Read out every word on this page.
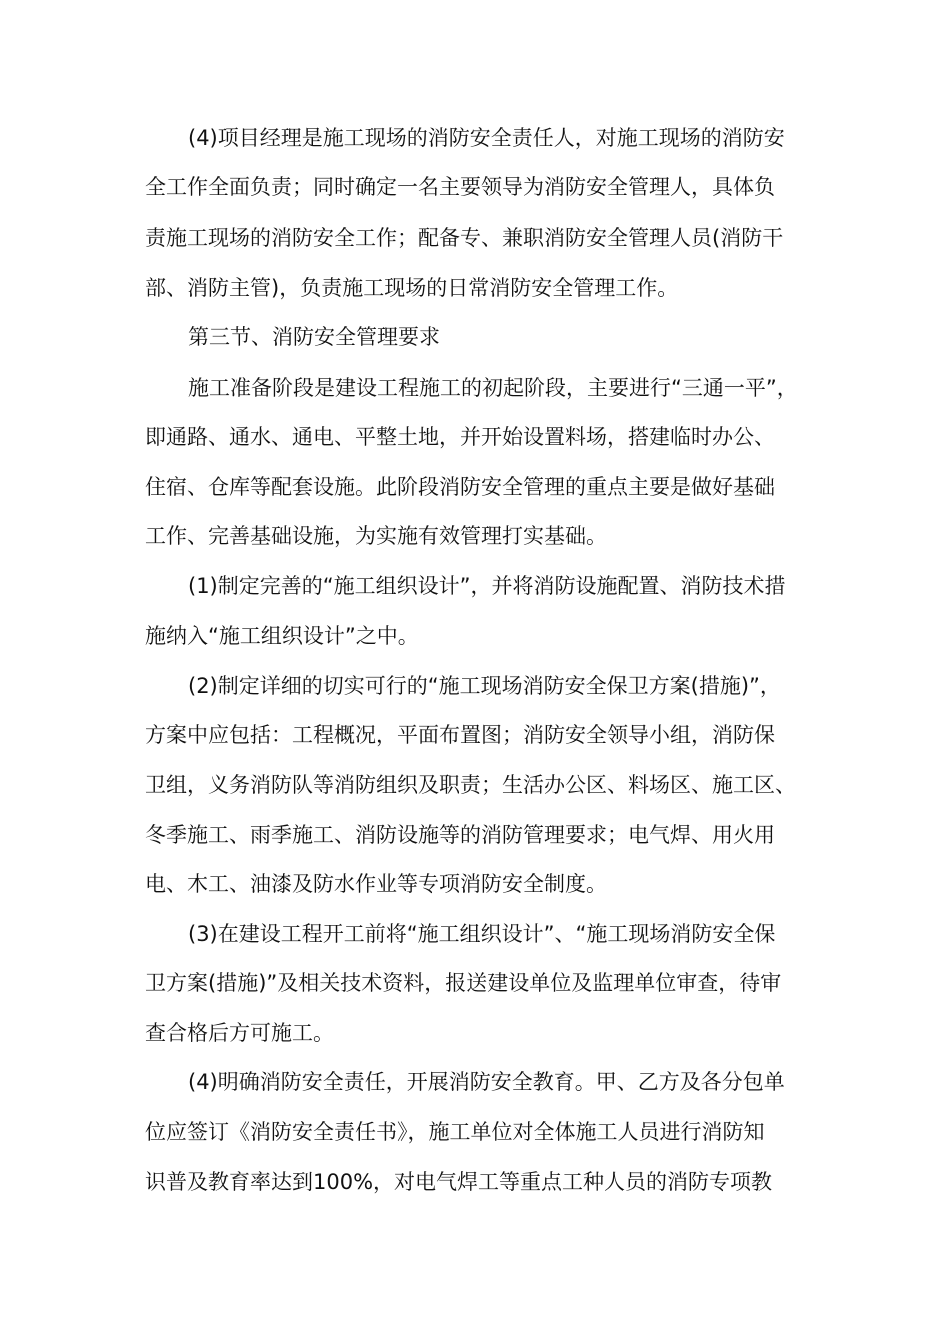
(4)项目经理是施工现场的消防安全责任人，对施工现场的消防安
全工作全面负责；同时确定一名主要领导为消防安全管理人，具体负
责施工现场的消防安全工作；配备专、兼职消防安全管理人员(消防干
部、消防主管)，负责施工现场的日常消防安全管理工作。
第三节、消防安全管理要求
施工准备阶段是建设工程施工的初起阶段，主要进行“三通一平”，
即通路、通水、通电、平整土地，并开始设置料场，搭建临时办公、
住宿、仓库等配套设施。此阶段消防安全管理的重点主要是做好基础
工作、完善基础设施，为实施有效管理打实基础。
(1)制定完善的“施工组织设计”，并将消防设施配置、消防技术措
施纳入“施工组织设计”之中。
(2)制定详细的切实可行的“施工现场消防安全保卫方案(措施)”，
方案中应包括：工程概况，平面布置图；消防安全领导小组，消防保
卫组，义务消防队等消防组织及职责；生活办公区、料场区、施工区、
冬季施工、雨季施工、消防设施等的消防管理要求；电气焊、用火用
电、木工、油漆及防水作业等专项消防安全制度。
(3)在建设工程开工前将“施工组织设计”、“施工现场消防安全保
卫方案(措施)”及相关技术资料，报送建设单位及监理单位审查，待审
查合格后方可施工。
(4)明确消防安全责任，开展消防安全教育。甲、乙方及各分包单
位应签订《消防安全责任书》，施工单位对全体施工人员进行消防知
识普及教育率达到100%，对电气焊工等重点工种人员的消防专项教
